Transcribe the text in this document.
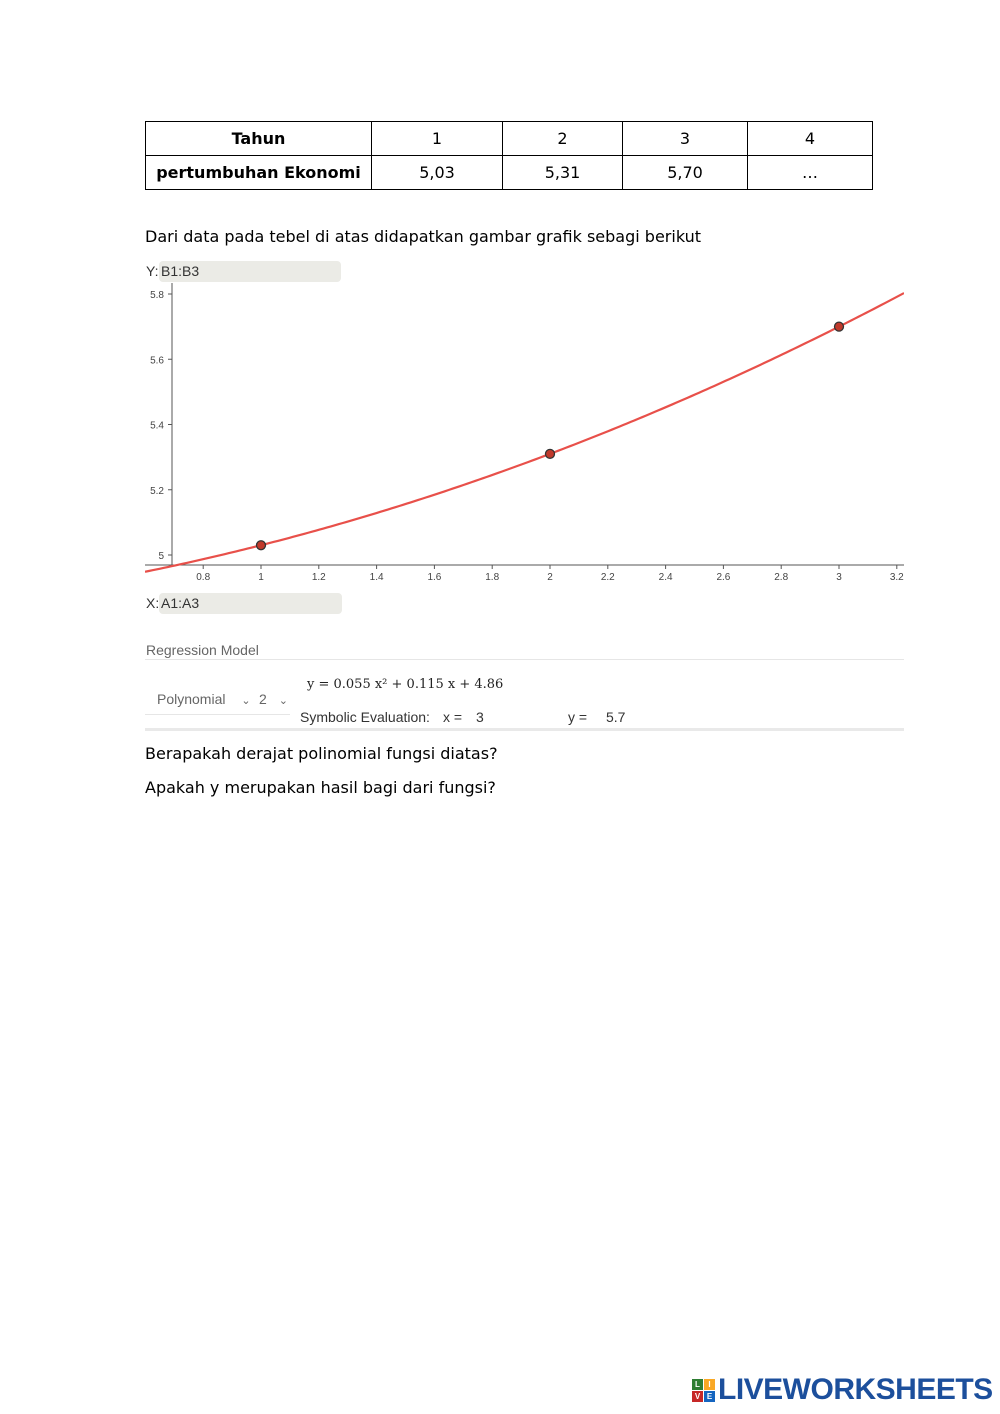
Tahun	1	2	3	4
pertumbuhan Ekonomi	5,03	5,31	5,70	…

Dari data pada tebel di atas didapatkan gambar grafik sebagi berikut

Y: B1:B3
0.8	1	1.2	1.4	1.6	1.8	2	2.2	2.4	2.6	2.8	3	3.2
5
5.2
5.4
5.6
5.8
X: A1:A3
Regression Model
Polynomial ⌄ 2 ⌄
y = 0.055 x² + 0.115 x + 4.86
Symbolic Evaluation: x = 3	y = 5.7

Berapakah derajat polinomial fungsi diatas?

Apakah y merupakan hasil bagi dari fungsi?

L	I
V E LIVEWORKSHEETS
